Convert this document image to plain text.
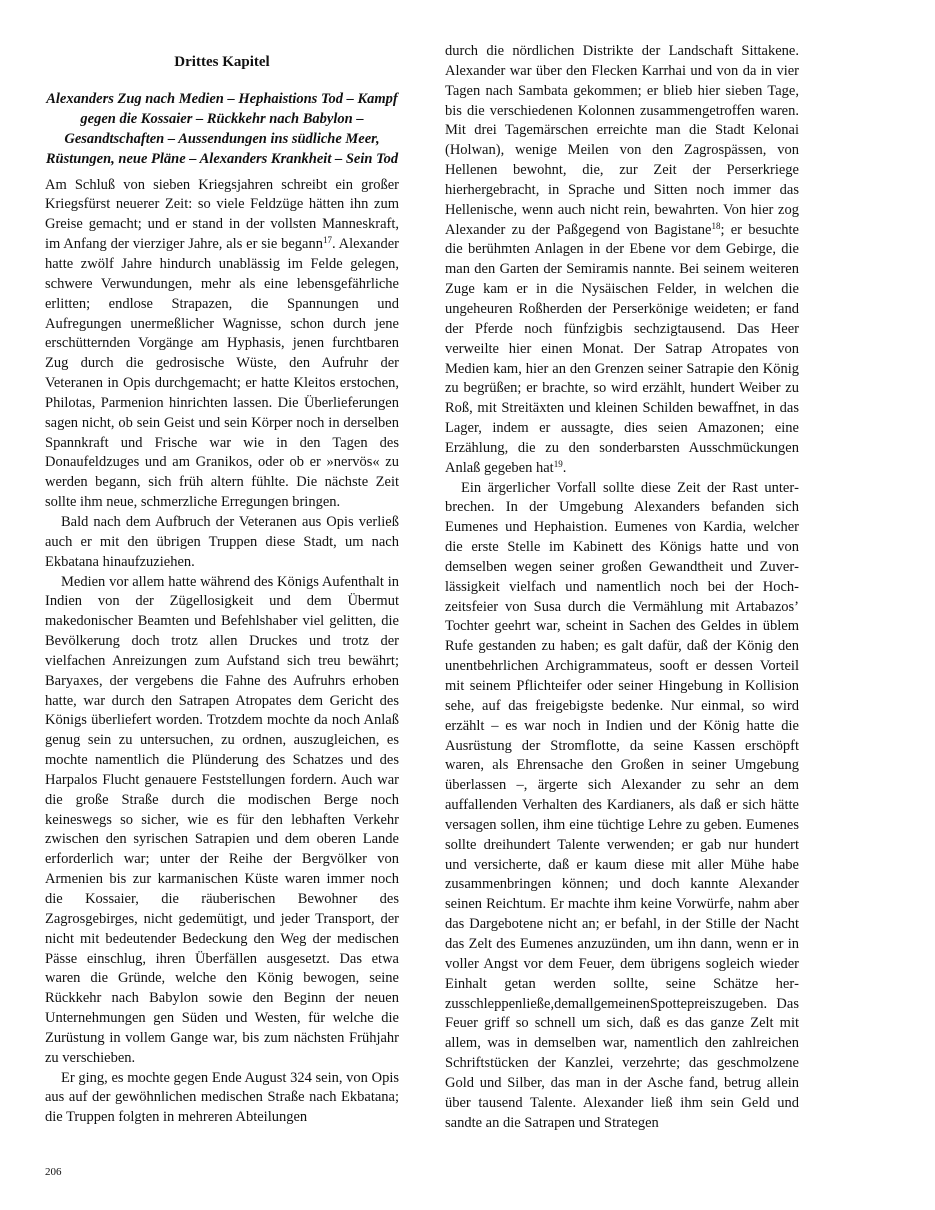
Drittes Kapitel
Alexanders Zug nach Medien – Hephaistions Tod – Kampf gegen die Kossaier – Rückkehr nach Babylon – Gesandtschaften – Aussendungen ins südliche Meer, Rüstungen, neue Pläne – Alexanders Krankheit – Sein Tod

Am Schluß von sieben Kriegsjahren schreibt ein großer Kriegsfürst neuerer Zeit: so viele Feldzüge hätten ihn zum Greise gemacht; und er stand in der vollsten Manneskraft, im Anfang der vierziger Jahre, als er sie begann$^{17}$. Alexander hatte zwölf Jahre hindurch unablässig im Felde gelegen, schwere Verwundungen, mehr als eine lebensgefährliche erlitten; endlose Strapazen, die Spannungen und Aufregungen unermeßlicher Wagnisse, schon durch jene erschütternden Vorgänge am Hyphasis, jenen furchtbaren Zug durch die gedrosische Wüste, den Aufruhr der Veteranen in Opis durchgemacht; er hatte Kleitos erstochen, Philotas, Parmenion hinrichten lassen. Die Überlieferungen sagen nicht, ob sein Geist und sein Körper noch in derselben Spannkraft und Frische war wie in den Tagen des Donaufeldzuges und am Granikos, oder ob er »nervös« zu werden begann, sich früh altern fühlte. Die nächste Zeit sollte ihm neue, schmerzliche Erregungen bringen.

Bald nach dem Aufbruch der Veteranen aus Opis verließ auch er mit den übrigen Truppen diese Stadt, um nach Ekbatana hinaufzuziehen.

Medien vor allem hatte während des Königs Aufenthalt in Indien von der Zügellosigkeit und dem Übermut makedonischer Beamten und Befehlshaber viel gelitten, die Bevölkerung doch trotz allen Druckes und trotz der vielfachen Anreizungen zum Aufstand sich treu bewährt; Baryaxes, der vergebens die Fahne des Aufruhrs erhoben hatte, war durch den Satrapen Atropates dem Gericht des Königs überliefert worden. Trotzdem mochte da noch Anlaß genug sein zu untersuchen, zu ordnen, auszugleichen, es mochte namentlich die Plünderung des Schatzes und des Harpalos Flucht genauere Feststellungen fordern. Auch war die große Straße durch die modischen Berge noch keineswegs so sicher, wie es für den lebhaften Verkehr zwischen den syrischen Satrapien und dem oberen Lande erforderlich war; unter der Reihe der Bergvölker von Armenien bis zur karmanischen Küste waren immer noch die Kossaier, die räuberischen Bewohner des Zagrosgebirges, nicht gedemütigt, und jeder Transport, der nicht mit bedeutender Bedeckung den Weg der medischen Pässe einschlug, ihren Überfällen ausgesetzt. Das etwa waren die Gründe, welche den König bewogen, seine Rückkehr nach Babylon sowie den Beginn der neuen Unternehmungen gen Süden und Westen, für welche die Zurüstung in vollem Gange war, bis zum nächsten Frühjahr zu verschieben.

Er ging, es mochte gegen Ende August 324 sein, von Opis aus auf der gewöhnlichen medischen Straße nach Ekbatana; die Truppen folgten in mehreren Abteilungen

durch die nördlichen Distrikte der Landschaft Sittakene. Alexander war über den Flecken Karrhai und von da in vier Tagen nach Sambata gekommen; er blieb hier sieben Tage, bis die verschiedenen Kolonnen zusammengetroffen waren. Mit drei Tagemärschen erreichte man die Stadt Kelonai (Holwan), wenige Meilen von den Zagrospässen, von Hellenen bewohnt, die, zur Zeit der Perserkriege hierhergebracht, in Sprache und Sitten noch immer das Hellenische, wenn auch nicht rein, bewahrten. Von hier zog Alexander zu der Paßgegend von Bagistane$^{18}$; er besuchte die berühmten Anlagen in der Ebene vor dem Gebirge, die man den Garten der Semiramis nannte. Bei seinem weiteren Zuge kam er in die Nysäischen Felder, in welchen die ungeheuren Roßherden der Perserkönige weideten; er fand der Pferde noch fünfzigbis sechzigtausend. Das Heer verweilte hier einen Monat. Der Satrap Atropates von Medien kam, hier an den Grenzen seiner Satrapie den König zu begrüßen; er brachte, so wird erzählt, hundert Weiber zu Roß, mit Streitäxten und kleinen Schilden bewaffnet, in das Lager, indem er aussagte, dies seien Amazonen; eine Erzählung, die zu den sonderbarsten Ausschmückungen Anlaß gegeben hat$^{19}$.

Ein ärgerlicher Vorfall sollte diese Zeit der Rast unterbrechen. In der Umgebung Alexanders befanden sich Eumenes und Hephaistion. Eumenes von Kardia, welcher die erste Stelle im Kabinett des Königs hatte und von demselben wegen seiner großen Gewandtheit und Zuverlässigkeit vielfach und namentlich noch bei der Hochzeitsfeier von Susa durch die Vermählung mit Artabazos’ Tochter geehrt war, scheint in Sachen des Geldes in üblem Rufe gestanden zu haben; es galt dafür, daß der König den unentbehrlichen Archigrammateus, sooft er dessen Vorteil mit seinem Pflichteifer oder seiner Hingebung in Kollision sehe, auf das freigebigste bedenke. Nur einmal, so wird erzählt – es war noch in Indien und der König hatte die Ausrüstung der Stromflotte, da seine Kassen erschöpft waren, als Ehrensache den Großen in seiner Umgebung überlassen –, ärgerte sich Alexander zu sehr an dem auffallenden Verhalten des Kardianers, als daß er sich hätte versagen sollen, ihm eine tüchtige Lehre zu geben. Eumenes sollte dreihundert Talente verwenden; er gab nur hundert und versicherte, daß er kaum diese mit aller Mühe habe zusammenbringen können; und doch kannte Alexander seinen Reichtum. Er machte ihm keine Vorwürfe, nahm aber das Dargebotene nicht an; er befahl, in der Stille der Nacht das Zelt des Eumenes anzuzünden, um ihn dann, wenn er in voller Angst vor dem Feuer, dem übrigens sogleich wieder Einhalt getan werden sollte, seine Schätze herzusschleppenließe,demallgemeinenSpottepreiszugeben. Das Feuer griff so schnell um sich, daß es das ganze Zelt mit allem, was in demselben war, namentlich den zahlreichen Schriftstücken der Kanzlei, verzehrte; das geschmolzene Gold und Silber, das man in der Asche fand, betrug allein über tausend Talente. Alexander ließ ihm sein Geld und sandte an die Satrapen und Strategen

206
